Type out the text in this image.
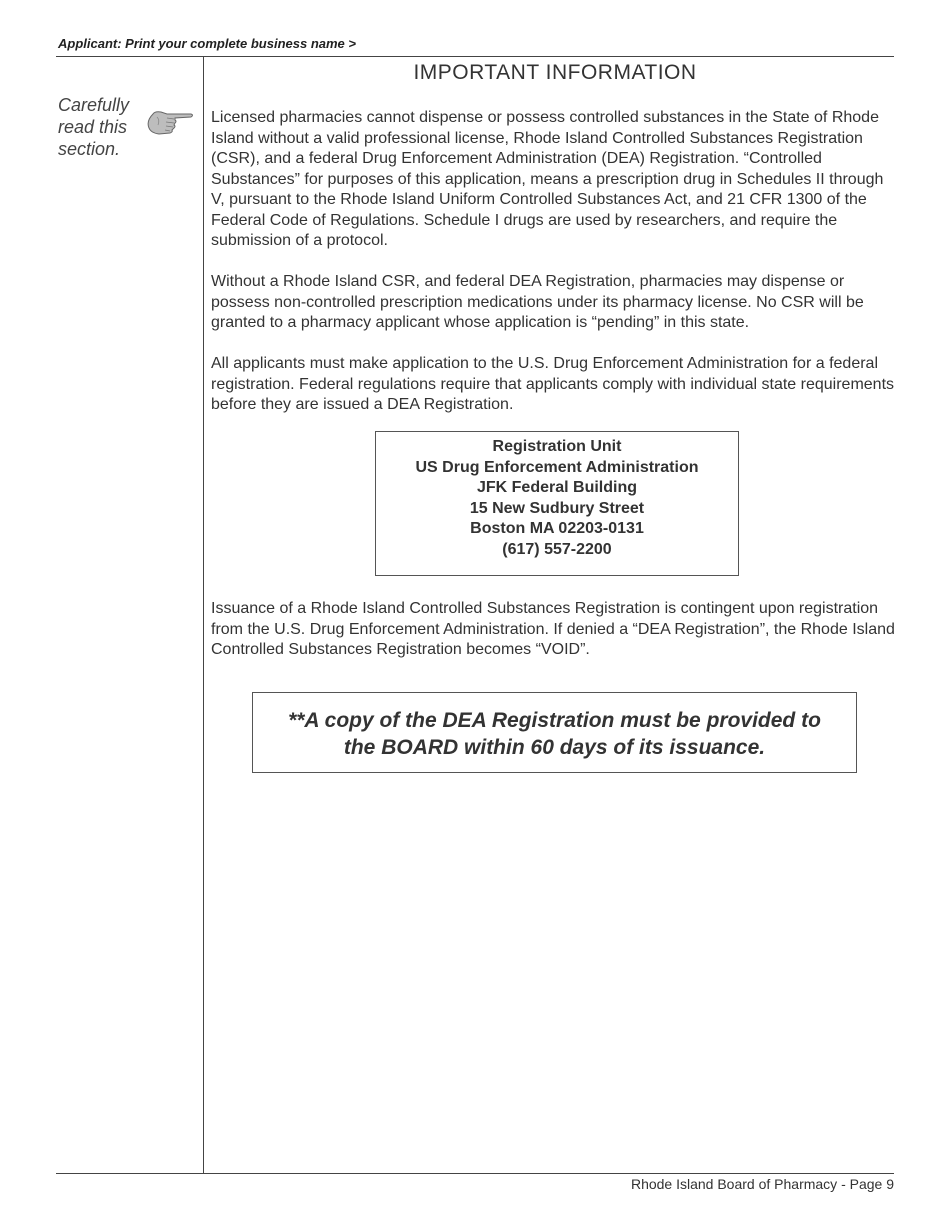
Applicant: Print your complete business name >
Carefully
read this
section.
IMPORTANT INFORMATION

Licensed pharmacies cannot dispense or possess controlled substances in the State of Rhode Island without a valid professional license, Rhode Island Controlled Substances Registration (CSR), and a federal Drug Enforcement Administration (DEA) Registration. “Controlled Substances” for purposes of this application, means a prescription drug in Schedules II through V, pursuant to the Rhode Island Uniform Controlled Substances Act, and 21 CFR 1300 of the Federal Code of Regulations. Schedule I drugs are used by researchers, and require the submission of a protocol.

Without a Rhode Island CSR, and federal DEA Registration, pharmacies may dispense or possess non-controlled prescription medications under its pharmacy license. No CSR will be granted to a pharmacy applicant whose application is “pending” in this state.

All applicants must make application to the U.S. Drug Enforcement Administration for a federal registration. Federal regulations require that applicants comply with individual state requirements before they are issued a DEA Registration.

Registration Unit
US Drug Enforcement Administration
JFK Federal Building
15 New Sudbury Street
Boston MA 02203-0131
(617) 557-2200

Issuance of a Rhode Island Controlled Substances Registration is contingent upon registration from the U.S. Drug Enforcement Administration. If denied a “DEA Registration”, the Rhode Island Controlled Substances Registration becomes “VOID”.

**A copy of the DEA Registration must be provided to
the BOARD within 60 days of its issuance.
Rhode Island Board of Pharmacy - Page 9
